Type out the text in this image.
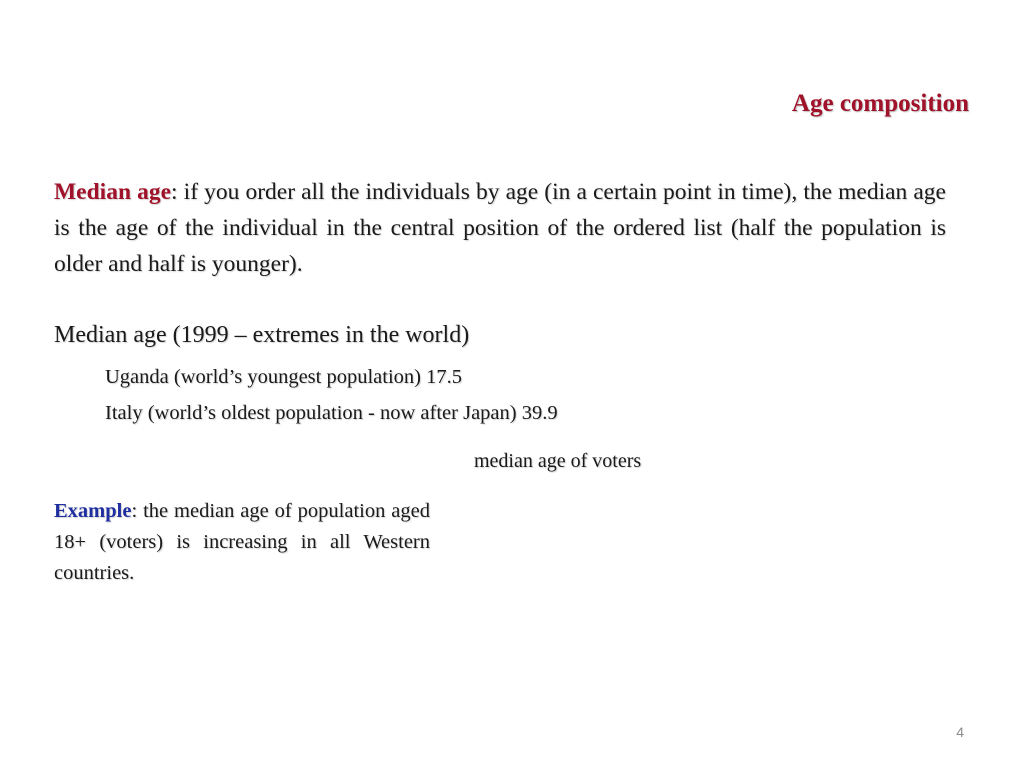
Age composition
Median age: if you order all the individuals by age (in a certain point in time), the median age is the age of the individual in the central position of the ordered list (half the population is older and half is younger).
Median age (1999 – extremes in the world)
Uganda (world’s youngest population) 17.5
Italy (world’s oldest population - now after Japan) 39.9
median age of voters
Example: the median age of population aged 18+ (voters) is increasing in all Western countries.
4
